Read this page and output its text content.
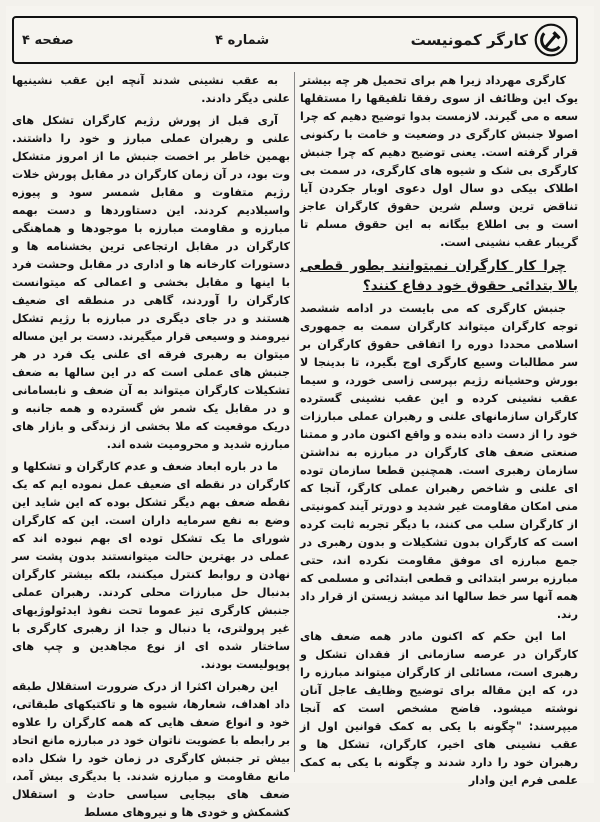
کارگر کمونیست
شماره ۴
صفحه ۴

کارگری مهرداد زیرا هم برای تحمیل هر چه بیشتر یوک این وظائف از سوی رفقا تلفیقها را مستقلها سعه ه می گیرند. لازمست بدوا توضیح دهیم که چرا اصولا جنبش کارگری در وضعیت و خامت با رکنونی قرار گرفته است. یعنی توضیح دهیم که چرا جنبش کارگری بی شک و شیوه های کارگری، در سمت بی اطلاک بیکی دو سال اول دعوی اوبار جکردن آیا تناقض ترین وسلم شرین حقوق کارگران عاجز است و بی اطلاع بیگانه به این حقوق مسلم تا گریبار عقب نشینی است.

چرا کار کارگران نمیتوانند بطور قطعی بالا بتدائی حقوق خود دفاع کنند؟

جنبش کارگری که می بایست در ادامه ششصد توجه کارگران میتواند کارگران سمت به جمهوری اسلامی محددا دوره را اتفاقی حقوق کارگران بر سر مطالبات وسیع کارگری اوج بگیرد، تا بدینجا لا بورش وحشیانه رژیم بپرسی زاسی خورد، و سیما عقب نشینی کرده و این عقب نشینی گسترده کارگران سازمانهای علنی و رهبران عملی مبارزات خود را از دست داده بنده و واقع اکنون مادر و ممتنا صنعتی ضعف های کارگران در مبارزه به نداشتن سازمان رهبری است. همچنین قطعا سازمان توده ای علنی و شاخص رهبران عملی کارگر، آنجا که منی امکان مقاومت غیر شدید و دورتر آیند کمونیتی از کارگران سلب می کنند، با دیگر تجربه ثابت کرده است که کارگران بدون تشکیلات و بدون رهبری در جمع مبارزه ای موفق مقاومت نکرده اند، حتی مبارزه برسر ابتدائی و قطعی ابتدائی و مسلمی که همه آنها سر خط سالها اند میشد زیستن از قرار داد رند.

اما این حکم که اکنون مادر همه ضعف های کارگران در عرصه سازمانی از فقدان تشکل و رهبری است، مسائلی از کارگران میتواند مبارزه را در، که این مقاله برای توضیح وظایف عاجل آنان نوشته میشود. فاضح مشخص است که آنجا میپرسند: "چگونه با یکی به کمک قوانین اول از عقب نشینی های اخیر، کارگران، تشکل ها و رهبران خود را دارد شدند و چگونه با یکی به کمک علمی فرم این وادار

به عقب نشینی شدند آنچه این عقب نشینیها علنی دیگر دادند.

آری قبل از پورش رژیم کارگران تشکل های علنی و رهبران عملی مبارز و خود را داشتند. بهمین خاطر بر اخصت جنبش ما از امروز متشکل وت بود، در آن زمان کارگران در مقابل پورش خلات رژیم متفاوت و مقابل شمسر سود و پیوزه واسیلادیم کردند. این دستاوردها و دست بهمه مبارزه و مقاومت مبارزه با موجودها و هماهنگی کارگران در مقابل ارتجاعی ترین بخشنامه ها و دستورات کارخانه ها و اداری در مقابل وحشت فرد با اینها و مقابل بخشی و اعمالی که میتوانست کارگران را آوردند، گاهی در منطقه ای ضعیف هستند و در جای دیگری در مبارزه با رژیم تشکل نیرومند و وسیعی قرار میگیرند. دست بر این مساله میتوان به رهبری فرقه ای علنی یک فرد در هر جنبش های عملی است که در این سالها به ضعف تشکیلات کارگران میتواند به آن ضعف و نابسامانی و در مقابل یک شمر ش گسترده و همه جانبه و دریک موقعیت که ملا بخشی از زندگی و بازار های مبارزه شدید و محرومیت شده اند.

ما در باره ابعاد ضعف و عدم کارگران و تشکلها و کارگران در نقطه ای ضعیف عمل نموده ایم که یک نقطه ضعف بهم دیگر تشکل بوده که این شاید این وضع به نفع سرمایه داران است. این که کارگران شورای ما یک تشکل توده ای بهم نبوده اند که عملی در بهترین حالت میتوانستند بدون پشت سر نهادن و روابط کنترل میکنند، بلکه بیشتر کارگران بدنبال حل مبارزات محلی کردند. رهبران عملی جنبش کارگری تیز عموما تحت نفوذ ایدئولوژیهای غیر پرولتری، یا دنبال و جدا از رهبری کارگری با ساختار شده ای از نوع مجاهدین و چپ های پوپولیست بودند.

این رهبران اکثرا از درک ضرورت استقلال طبقه داد اهداف، شعارها، شیوه ها و تاکتیکهای طبقاتی، خود و انواع ضعف هایی که همه کارگران را علاوه بر رابطه با عضویت ناتوان خود در مبارزه مانع اتحاد بیش تر جنبش کارگری در زمان خود را شکل داده مانع مقاومت و مبارزه شدند. یا بدیگری بیش آمد، ضعف های بیجایی سیاسی حادث و استقلال کشمکش و خودی ها و نیروهای مسلط
